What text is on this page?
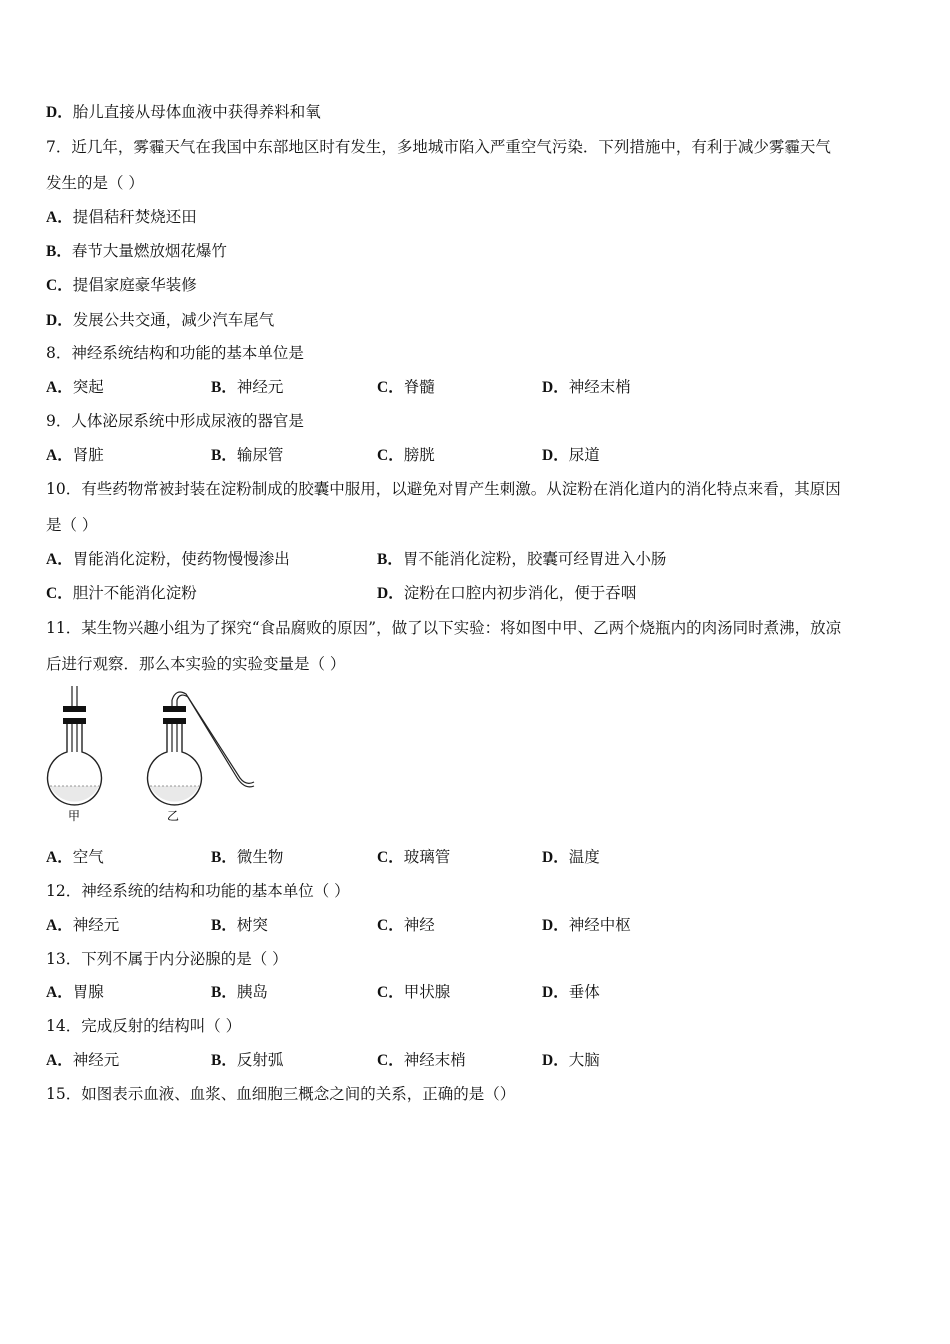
D．胎儿直接从母体血液中获得养料和氧
7．近几年，雾霾天气在我国中东部地区时有发生，多地城市陷入严重空气污染．下列措施中，有利于减少雾霾天气
发生的是（ ）
A．提倡秸秆焚烧还田
B．春节大量燃放烟花爆竹
C．提倡家庭豪华装修
D．发展公共交通，减少汽车尾气
8．神经系统结构和功能的基本单位是
A．突起	B．神经元	C．脊髓	D．神经末梢
9．人体泌尿系统中形成尿液的器官是
A．肾脏	B．输尿管	C．膀胱	D．尿道
10．有些药物常被封装在淀粉制成的胶囊中服用，以避免对胃产生刺激。从淀粉在消化道内的消化特点来看，其原因
是（ ）
A．胃能消化淀粉，使药物慢慢渗出	B．胃不能消化淀粉，胶囊可经胃进入小肠
C．胆汁不能消化淀粉	D．淀粉在口腔内初步消化，便于吞咽
11．某生物兴趣小组为了探究“食品腐败的原因”，做了以下实验：将如图中甲、乙两个烧瓶内的肉汤同时煮沸，放凉
后进行观察．那么本实验的实验变量是（ ）
甲	乙
A．空气	B．微生物	C．玻璃管	D．温度
12．神经系统的结构和功能的基本单位（ ）
A．神经元	B．树突	C．神经	D．神经中枢
13．下列不属于内分泌腺的是（ ）
A．胃腺	B．胰岛	C．甲状腺	D．垂体
14．完成反射的结构叫（ ）
A．神经元	B．反射弧	C．神经末梢	D．大脑
15．如图表示血液、血浆、血细胞三概念之间的关系，正确的是（）
